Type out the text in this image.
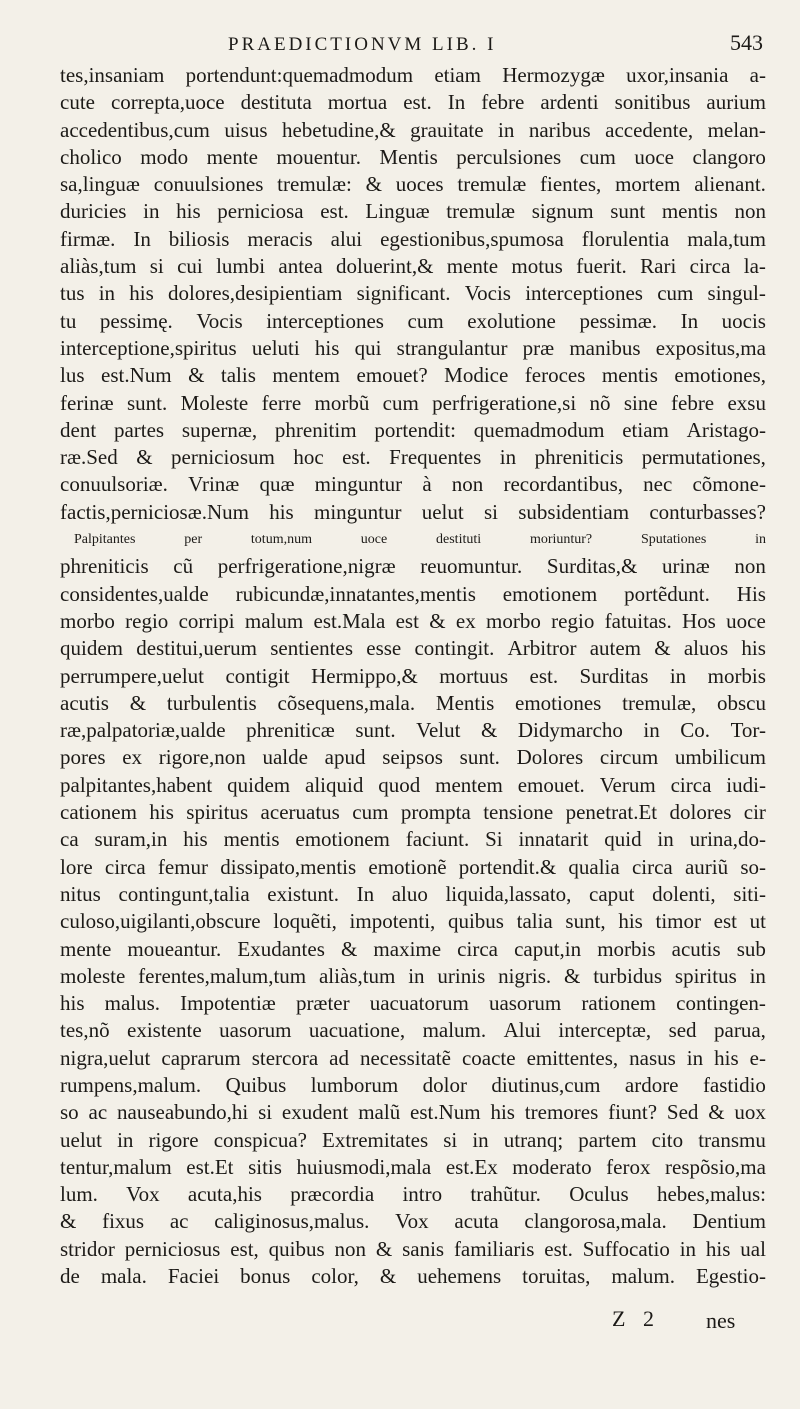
PRAEDICTIONVM LIB. I	543
tes,insaniam portendunt:quemadmodum etiam Hermozygæ uxor,insania a-
cute correpta,uoce destituta mortua est. In febre ardenti sonitibus aurium
accedentibus,cum uisus hebetudine,& grauitate in naribus accedente, melan-
cholico modo mente mouentur. Mentis perculsiones cum uoce clangoro
sa,linguæ conuulsiones tremulæ: & uoces tremulæ fientes, mortem alienant.
duricies in his perniciosa est. Linguæ tremulæ signum sunt mentis non
firmæ. In biliosis meracis alui egestionibus,spumosa florulentia mala,tum
aliàs,tum si cui lumbi antea doluerint,& mente motus fuerit. Rari circa la-
tus in his dolores,desipientiam significant. Vocis interceptiones cum singul-
tu pessimę. Vocis interceptiones cum exolutione pessimæ. In uocis
interceptione,spiritus ueluti his qui strangulantur præ manibus expositus,ma
lus est.Num & talis mentem emouet? Modice feroces mentis emotiones,
ferinæ sunt. Moleste ferre morbũ cum perfrigeratione,si nõ sine febre exsu
dent partes supernæ, phrenitim portendit: quemadmodum etiam Aristago-
ræ.Sed & perniciosum hoc est. Frequentes in phreniticis permutationes,
conuulsoriæ. Vrinæ quæ minguntur à non recordantibus, nec cõmone-
factis,perniciosæ.Num his minguntur uelut si subsidentiam conturbasses?
Palpitantes	per	totum,num	uoce	destituti	moriuntur?	Sputationes	in
phreniticis cũ perfrigeratione,nigræ reuomuntur. Surditas,& urinæ non
considentes,ualde rubicundæ,innatantes,mentis emotionem portẽdunt. His
morbo regio corripi malum est.Mala est & ex morbo regio fatuitas. Hos uoce
quidem destitui,uerum sentientes esse contingit. Arbitror autem & aluos his
perrumpere,uelut contigit Hermippo,& mortuus est. Surditas in morbis
acutis & turbulentis cõsequens,mala. Mentis emotiones tremulæ, obscu
ræ,palpatoriæ,ualde phreniticæ sunt. Velut & Didymarcho in Co. Tor-
pores ex rigore,non ualde apud seipsos sunt. Dolores circum umbilicum
palpitantes,habent quidem aliquid quod mentem emouet. Verum circa iudi-
cationem his spiritus aceruatus cum prompta tensione penetrat.Et dolores cir
ca suram,in his mentis emotionem faciunt. Si innatarit quid in urina,do-
lore circa femur dissipato,mentis emotionẽ portendit.& qualia circa auriũ so-
nitus contingunt,talia existunt. In aluo liquida,lassato, caput dolenti, siti-
culoso,uigilanti,obscure loquẽti, impotenti, quibus talia sunt, his timor est ut
mente moueantur. Exudantes & maxime circa caput,in morbis acutis sub
moleste ferentes,malum,tum aliàs,tum in urinis nigris. & turbidus spiritus in
his malus. Impotentiæ præter uacuatorum uasorum rationem contingen-
tes,nõ existente uasorum uacuatione, malum. Alui interceptæ, sed parua,
nigra,uelut caprarum stercora ad necessitatẽ coacte emittentes, nasus in his e-
rumpens,malum. Quibus lumborum dolor diutinus,cum ardore fastidio
so ac nauseabundo,hi si exudent malũ est.Num his tremores fiunt? Sed & uox
uelut in rigore conspicua? Extremitates si in utranq; partem cito transmu
tentur,malum est.Et sitis huiusmodi,mala est.Ex moderato ferox respõsio,ma
lum. Vox acuta,his præcordia intro trahũtur. Oculus hebes,malus:
& fixus ac caliginosus,malus. Vox acuta clangorosa,mala. Dentium
stridor perniciosus est, quibus non & sanis familiaris est. Suffocatio in his ual
de mala. Faciei bonus color, & uehemens toruitas, malum. Egestio-
Z 2 nes
